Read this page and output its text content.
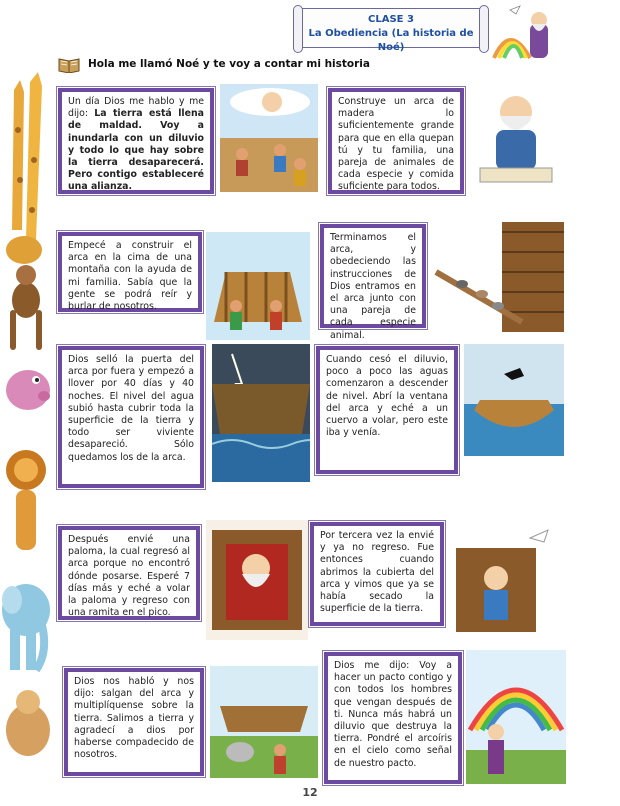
CLASE 3
La Obediencia (La historia de Noé)
Hola me llamó Noé y te voy a contar mi historia
Un día Dios me hablo y me dijo: La tierra está llena de maldad. Voy a inundarla con un diluvio y todo lo que hay sobre la tierra desaparecerá. Pero contigo estableceré una alianza.
Construye un arca de madera lo suficientemente grande para que en ella quepan tú y tu familia, una pareja de animales de cada especie y comida suficiente para todos.
Empecé a construir el arca en la cima de una montaña con la ayuda de mi familia. Sabía que la gente se podrá reír y burlar de nosotros.
Terminamos el arca, y obedeciendo las instrucciones de Dios entramos en el arca junto con una pareja de cada especie animal.
Dios selló la puerta del arca por fuera y empezó a llover por 40 días y 40 noches. El nivel del agua subió hasta cubrir toda la superficie de la tierra y todo ser viviente desapareció. Sólo quedamos los de la arca.
Cuando cesó el diluvio, poco a poco las aguas comenzaron a descender de nivel. Abrí la ventana del arca y eché a un cuervo a volar, pero este iba y venía.
Después envié una paloma, la cual regresó al arca porque no encontró dónde posarse. Esperé 7 días más y eché a volar la paloma y regreso con una ramita en el pico.
Por tercera vez la envié y ya no regreso. Fue entonces cuando abrimos la cubierta del arca y vimos que ya se había secado la superficie de la tierra.
Dios nos habló y nos dijo: salgan del arca y multiplíquense sobre la tierra. Salimos a tierra y agradecí a dios por haberse compadecido de nosotros.
Dios me dijo: Voy a hacer un pacto contigo y con todos los hombres que vengan después de ti. Nunca más habrá un diluvio que destruya la tierra. Pondré el arcoíris en el cielo como señal de nuestro pacto.
12
